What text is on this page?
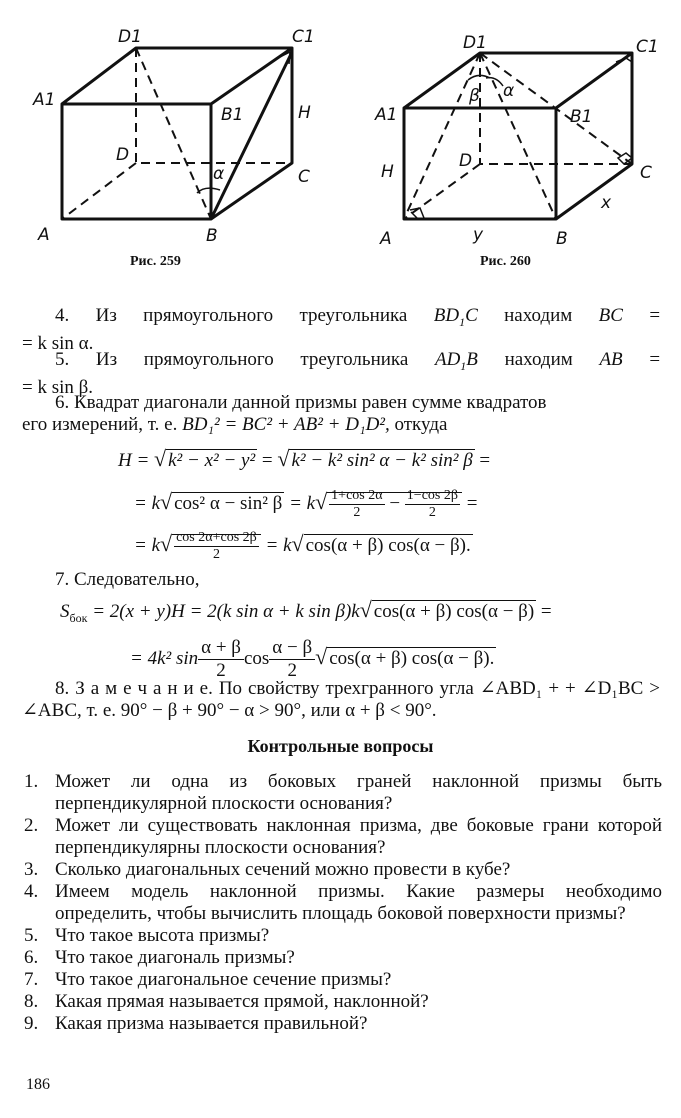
D1	C1
A1
B1
D
C
A	B
H
α
D1	C1
A1	B1
D
C
A	B
H
x
y
β α
Рис. 259	Рис. 260

4. Из прямоугольного треугольника $BD_1C$ находим BC =

= k sin α.

5. Из прямоугольного треугольника $AD_1B$ находим AB =

= k sin β.

6. Квадрат диагонали данной призмы равен сумме квадратов

его измерений, т. е. BD₁² = BC² + AB² + D₁D², откуда

H = √ k² − x² − y² = √ k² − k² sin² α − k² sin² β =
= k√ cos² α − sin² $\beta = k√ \frac{1+\cos 2\alpha}{2} - \frac{1-\cos 2\beta}{2}$ =
= $k√ \frac{\cos 2\alpha+\cos 2\beta}{2} = k√$ cos(α + β) cos(α − β).

7. Следовательно,

$S_{бок} = 2(x + y)H = 2(k$ sin α + k sin β)k√ cos(α + β) cos(α − β) =
= 4k² $\sin \frac{\alpha + \beta}{2}$ $\cos \frac{\alpha - \beta}{2}$ √ cos(α + β) cos(α − β).

8. З а м е ч а н и е. По свойству трехгранного угла ∠ABD₁ + + ∠D₁BC > ∠ABC, т. е. 90° − β + 90° − α > 90°, или α + β < 90°.

Контрольные вопросы
1. Может ли одна из боковых граней наклонной призмы быть перпендикулярной плоскости основания?
2. Может ли существовать наклонная призма, две боковые грани которой перпендикулярны плоскости основания?
3. Сколько диагональных сечений можно провести в кубе?
4. Имеем модель наклонной призмы. Какие размеры необходимо определить, чтобы вычислить площадь боковой поверхности призмы?
5. Что такое высота призмы?
6. Что такое диагональ призмы?
7. Что такое диагональное сечение призмы?
8. Какая прямая называется прямой, наклонной?
9. Какая призма называется правильной?
186
